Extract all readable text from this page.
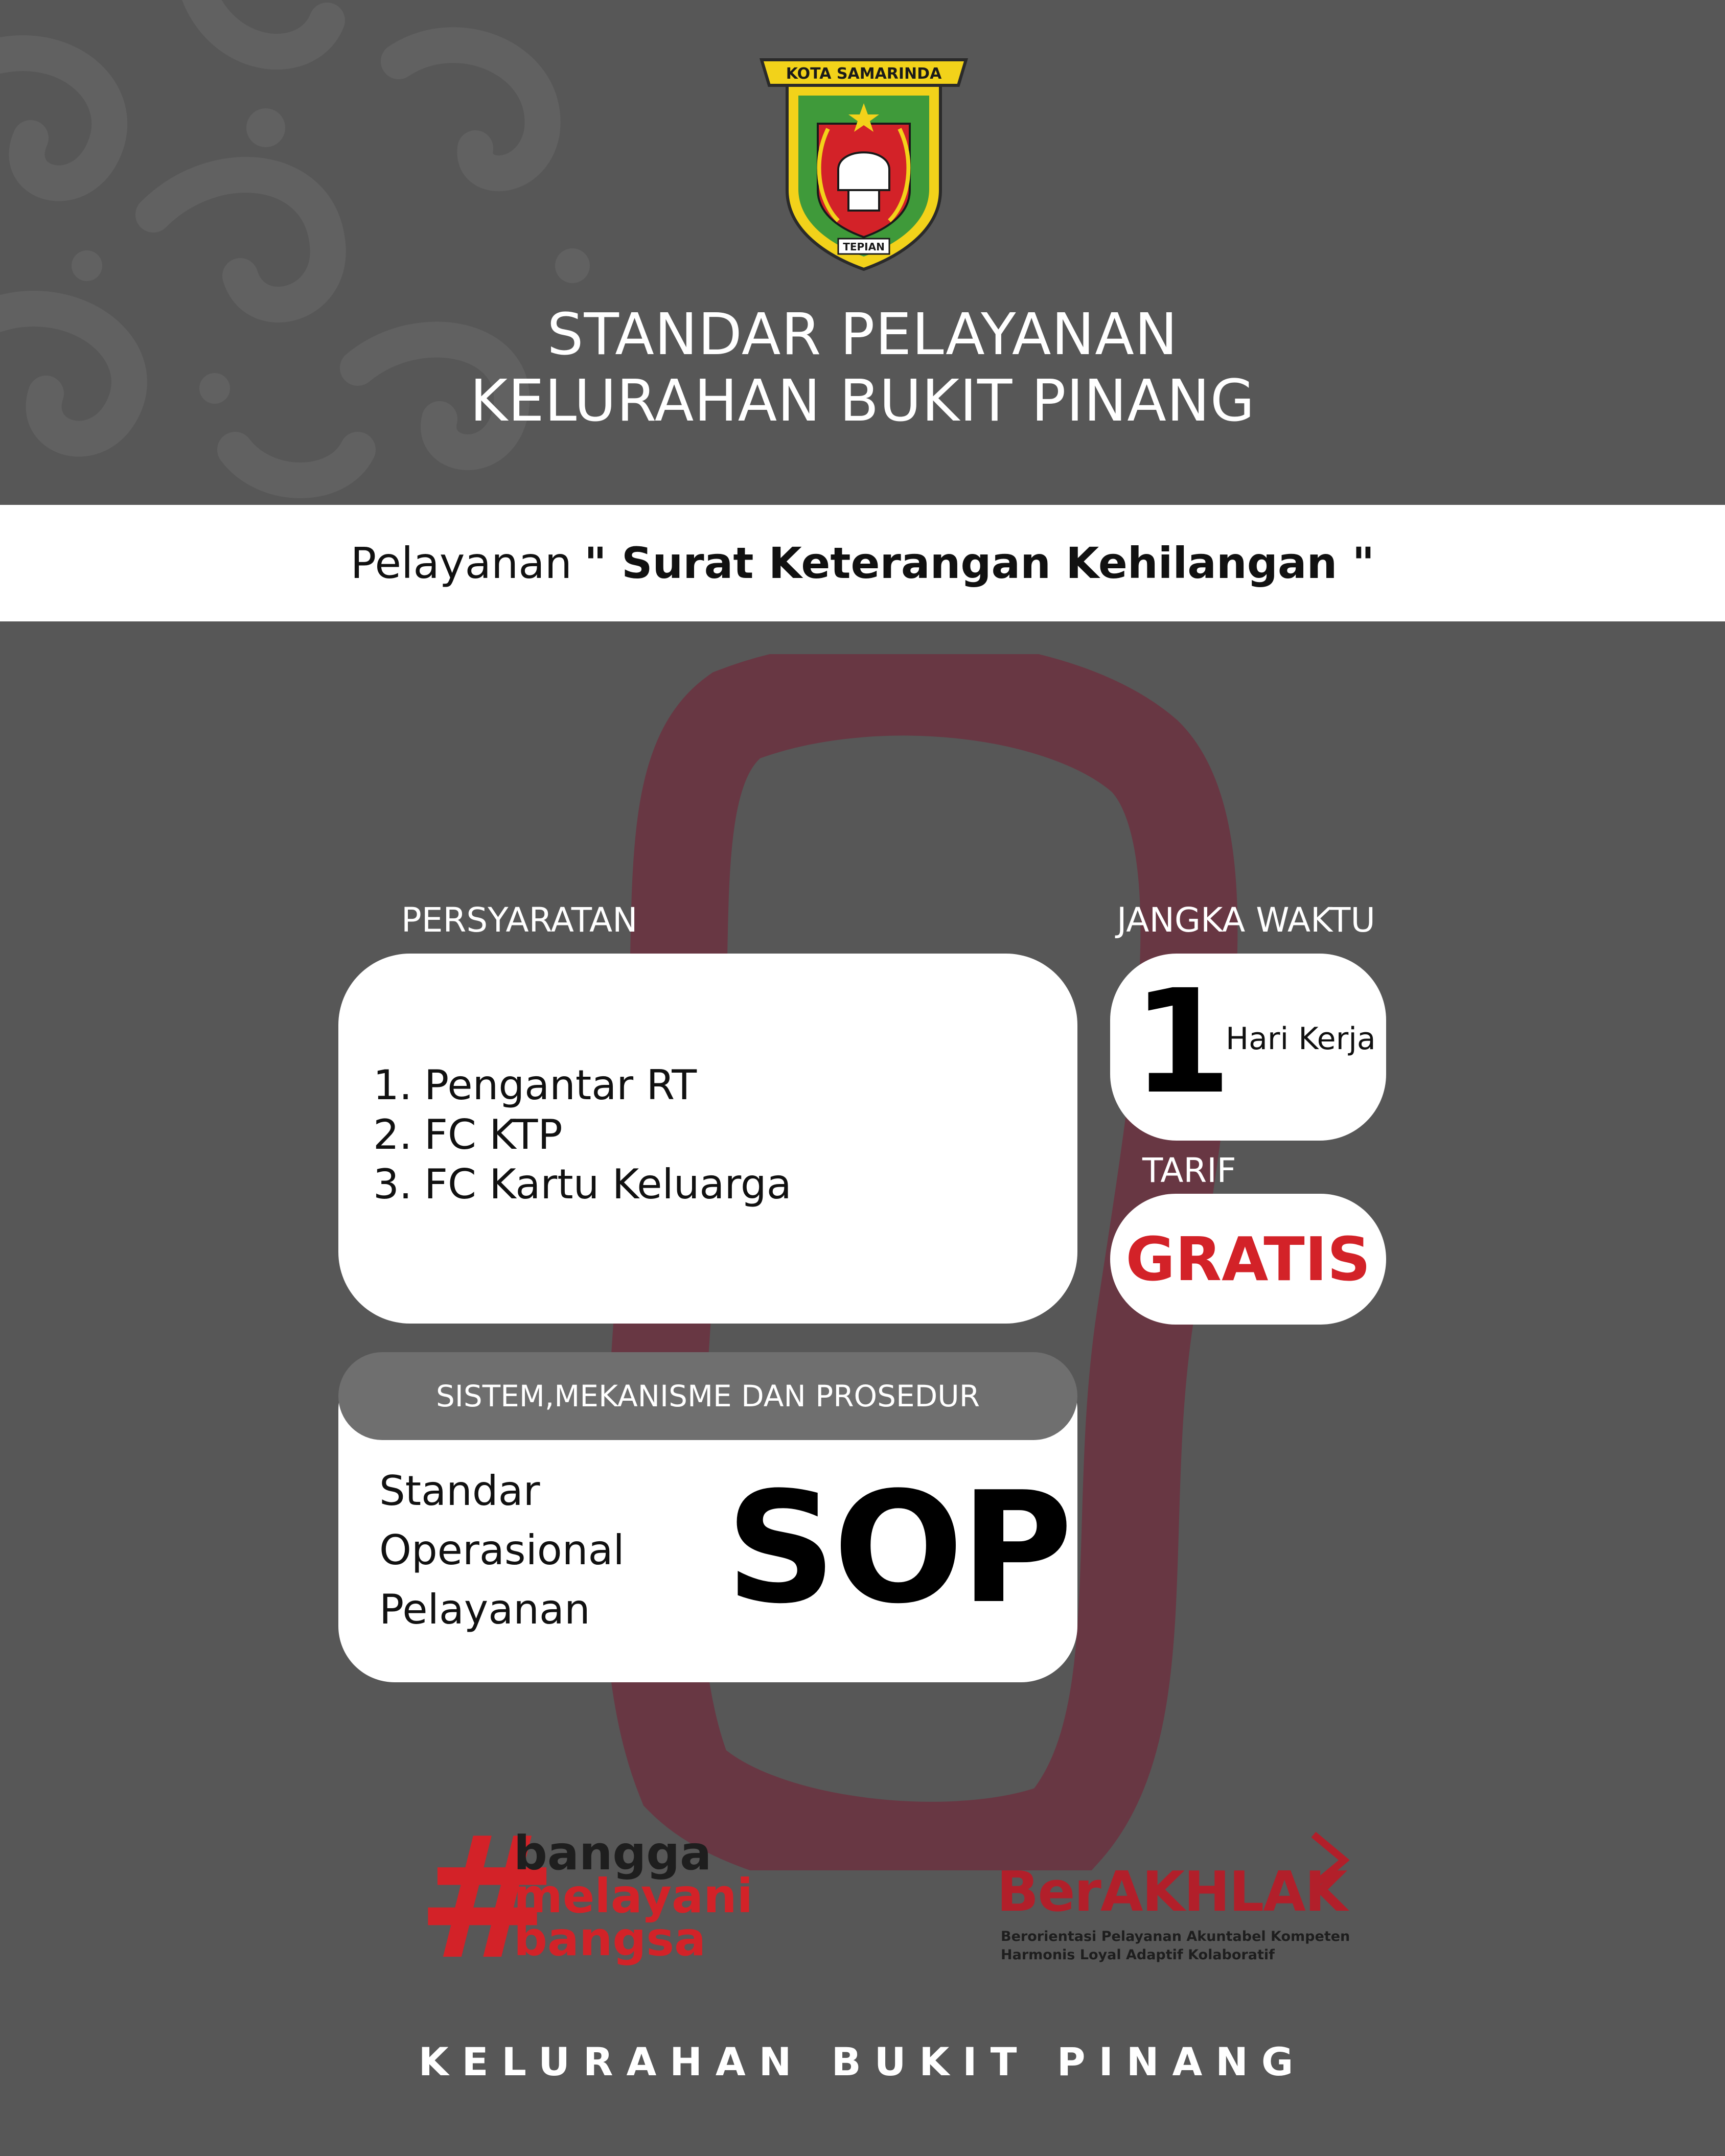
KOTA SAMARINDA
TEPIAN
STANDAR PELAYANAN
KELURAHAN BUKIT PINANG
Pelayanan " Surat Keterangan Kehilangan "
PERSYARATAN
1. Pengantar RT
2. FC KTP
3. FC Kartu Keluarga
JANGKA WAKTU
1
Hari Kerja
TARIF
GRATIS
SISTEM,MEKANISME DAN PROSEDUR
Standar
Operasional
Pelayanan SOP
#
bangga
melayani
bangsa
BerAKHLAK
Berorientasi Pelayanan Akuntabel Kompeten
Harmonis Loyal Adaptif Kolaboratif
KELURAHAN BUKIT PINANG
